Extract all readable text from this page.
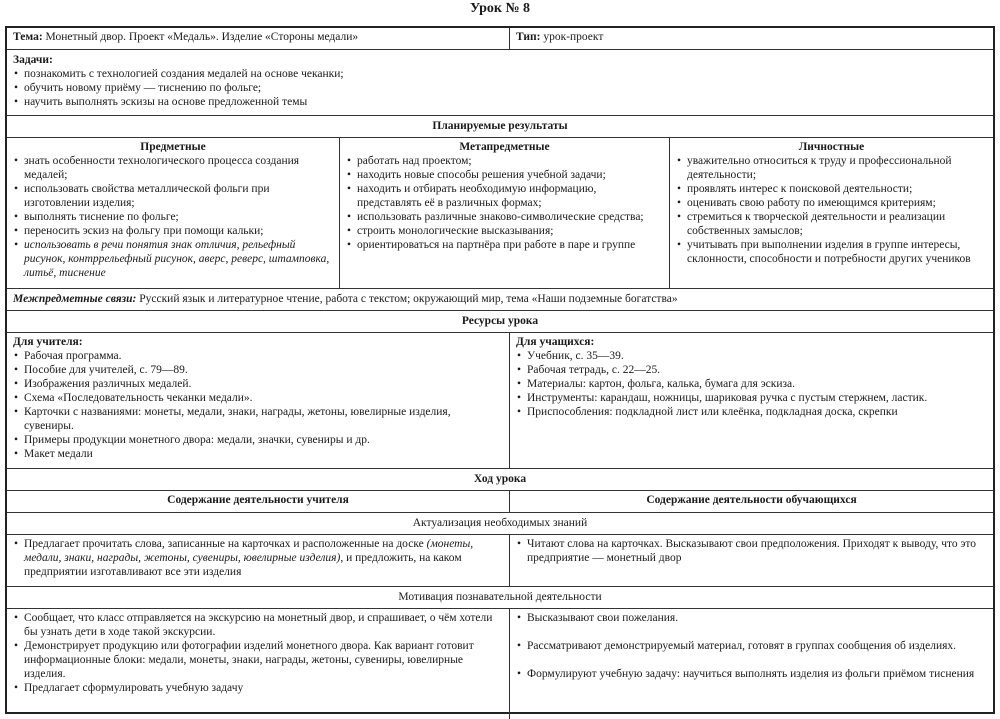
Урок № 8
Тема: Монетный двор. Проект «Медаль». Изделие «Стороны медали»	Тип: урок-проект
Задачи:
• познакомить с технологией создания медалей на основе чеканки;
• обучить новому приёму — тиснению по фольге;
• научить выполнять эскизы на основе предложенной темы
Планируемые результаты
Предметные
• знать особенности технологического процесса создания медалей;
• использовать свойства металлической фольги при изготовлении изделия;
• выполнять тиснение по фольге;
• переносить эскиз на фольгу при помощи кальки;
• использовать в речи понятия знак отличия, рельефный рисунок, контррельефный рисунок, аверс, реверс, штамповка, литьё, тиснение
Метапредметные
• работать над проектом;
• находить новые способы решения учебной задачи;
• находить и отбирать необходимую информацию, представлять её в различных формах;
• использовать различные знаково-символические средства;
• строить монологические высказывания;
• ориентироваться на партнёра при работе в паре и группе
Личностные
• уважительно относиться к труду и профессиональной деятельности;
• проявлять интерес к поисковой деятельности;
• оценивать свою работу по имеющимся критериям;
• стремиться к творческой деятельности и реализации собственных замыслов;
• учитывать при выполнении изделия в группе интересы, склонности, способности и потребности других учеников
Межпредметные связи: Русский язык и литературное чтение, работа с текстом; окружающий мир, тема «Наши подземные богатства»
Ресурсы урока
Для учителя:
• Рабочая программа.
• Пособие для учителей, с. 79—89.
• Изображения различных медалей.
• Схема «Последовательность чеканки медали».
• Карточки с названиями: монеты, медали, знаки, награды, жетоны, ювелирные изделия, сувениры.
• Примеры продукции монетного двора: медали, значки, сувениры и др.
• Макет медали
Для учащихся:
• Учебник, с. 35—39.
• Рабочая тетрадь, с. 22—25.
• Материалы: картон, фольга, калька, бумага для эскиза.
• Инструменты: карандаш, ножницы, шариковая ручка с пустым стержнем, ластик.
• Приспособления: подкладной лист или клеёнка, подкладная доска, скрепки
Ход урока
Содержание деятельности учителя	Содержание деятельности обучающихся
Актуализация необходимых знаний
• Предлагает прочитать слова, записанные на карточках и расположенные на доске (монеты, медали, знаки, награды, жетоны, сувениры, ювелирные изделия), и предложить, на каком предприятии изготавливают все эти изделия
• Читают слова на карточках. Высказывают свои предположения. Приходят к выводу, что это предприятие — монетный двор
Мотивация познавательной деятельности
• Сообщает, что класс отправляется на экскурсию на монетный двор, и спрашивает, о чём хотели бы узнать дети в ходе такой экскурсии.
• Демонстрирует продукцию или фотографии изделий монетного двора. Как вариант готовит информационные блоки: медали, монеты, знаки, награды, жетоны, сувениры, ювелирные изделия.
• Предлагает сформулировать учебную задачу
• Высказывают свои пожелания.
• Рассматривают демонстрируемый материал, готовят в группах сообщения об изделиях.
• Формулируют учебную задачу: научиться выполнять изделия из фольги приёмом тиснения
